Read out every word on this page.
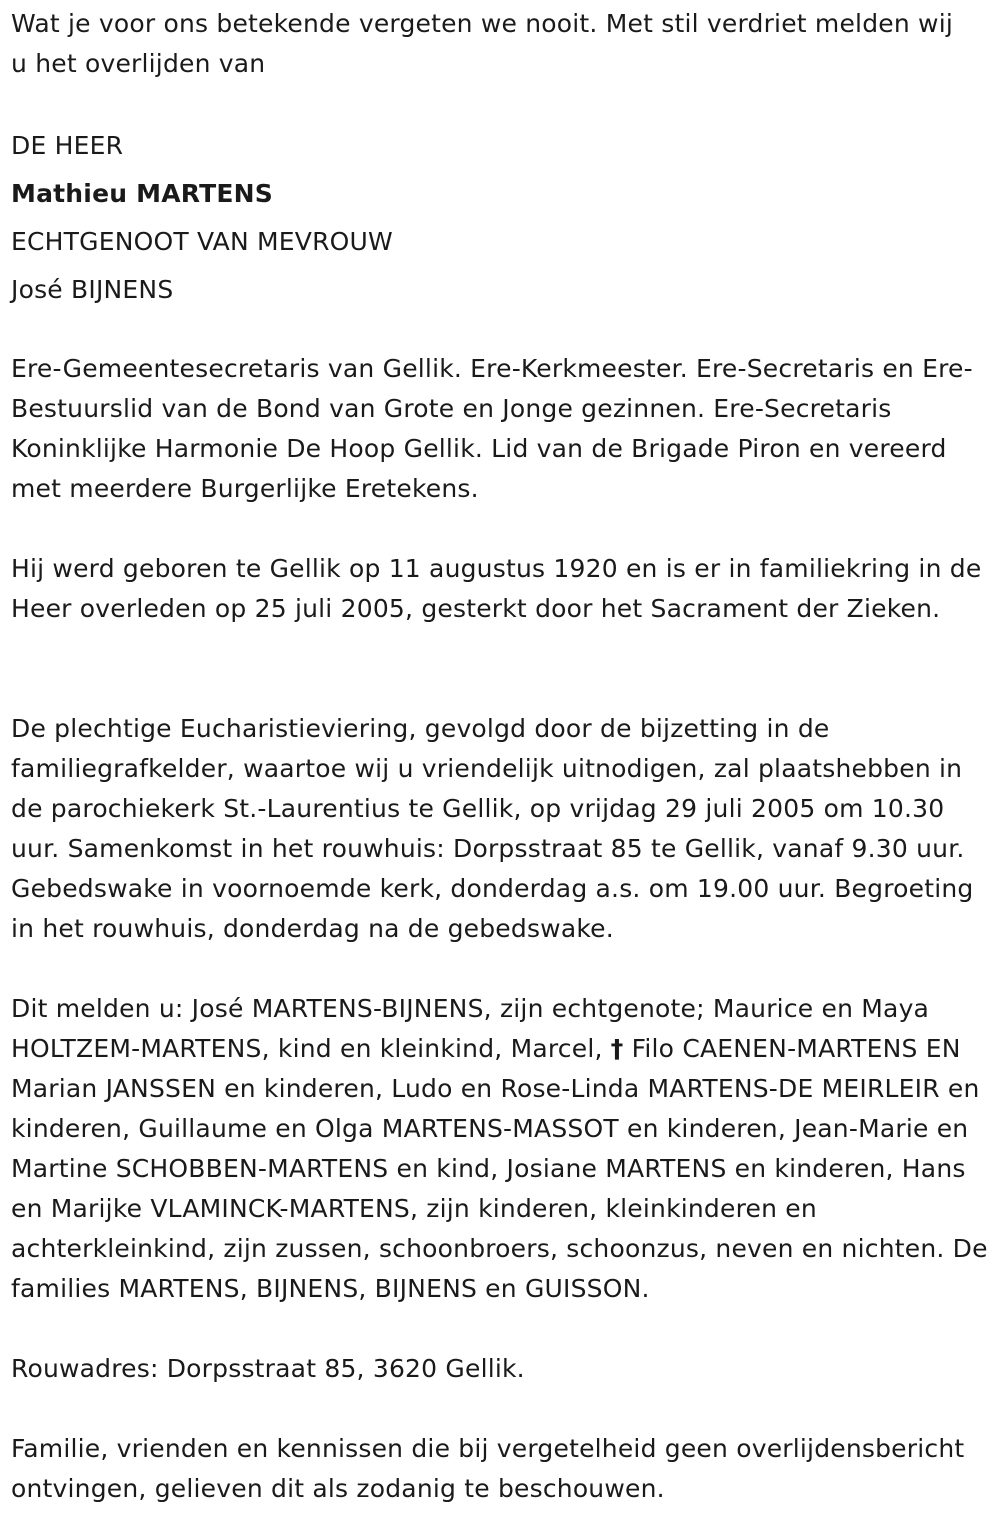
Wat je voor ons betekende vergeten we nooit. Met stil verdriet melden wij u het overlijden van

DE HEER

Mathieu MARTENS

ECHTGENOOT VAN MEVROUW

José BIJNENS

Ere-Gemeentesecretaris van Gellik. Ere-Kerkmeester. Ere-Secretaris en Ere-Bestuurslid van de Bond van Grote en Jonge gezinnen. Ere-Secretaris Koninklijke Harmonie De Hoop Gellik. Lid van de Brigade Piron en vereerd met meerdere Burgerlijke Eretekens.

Hij werd geboren te Gellik op 11 augustus 1920 en is er in familiekring in de Heer overleden op 25 juli 2005, gesterkt door het Sacrament der Zieken.

De plechtige Eucharistieviering, gevolgd door de bijzetting in de familiegrafkelder, waartoe wij u vriendelijk uitnodigen, zal plaatshebben in de parochiekerk St.-Laurentius te Gellik, op vrijdag 29 juli 2005 om 10.30 uur. Samenkomst in het rouwhuis: Dorpsstraat 85 te Gellik, vanaf 9.30 uur. Gebedswake in voornoemde kerk, donderdag a.s. om 19.00 uur. Begroeting in het rouwhuis, donderdag na de gebedswake.

Dit melden u: José MARTENS-BIJNENS, zijn echtgenote; Maurice en Maya HOLTZEM-MARTENS, kind en kleinkind, Marcel, † Filo CAENEN-MARTENS EN Marian JANSSEN en kinderen, Ludo en Rose-Linda MARTENS-DE MEIRLEIR en kinderen, Guillaume en Olga MARTENS-MASSOT en kinderen, Jean-Marie en Martine SCHOBBEN-MARTENS en kind, Josiane MARTENS en kinderen, Hans en Marijke VLAMINCK-MARTENS, zijn kinderen, kleinkinderen en achterkleinkind, zijn zussen, schoonbroers, schoonzus, neven en nichten. De families MARTENS, BIJNENS, BIJNENS en GUISSON.

Rouwadres: Dorpsstraat 85, 3620 Gellik.

Familie, vrienden en kennissen die bij vergetelheid geen overlijdensbericht ontvingen, gelieven dit als zodanig te beschouwen.
